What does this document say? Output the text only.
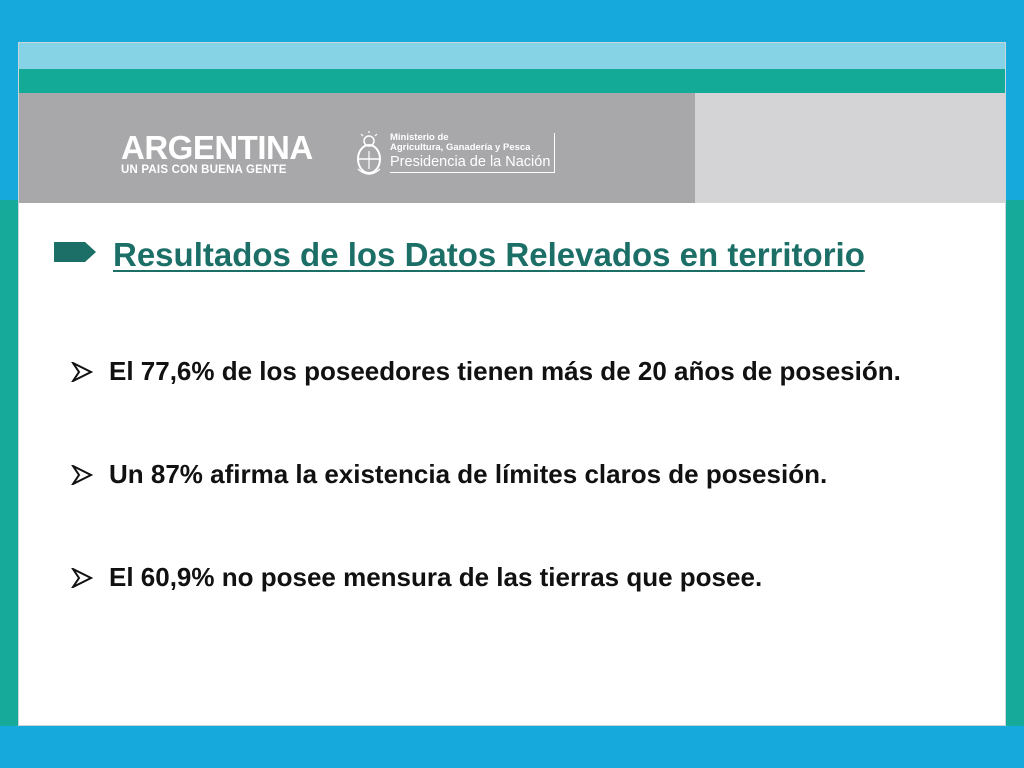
ARGENTINA
UN PAIS CON BUENA GENTE
Ministerio de
Agricultura, Ganadería y Pesca
Presidencia de la Nación
Resultados de los Datos Relevados en territorio
El 77,6% de los poseedores tienen más de 20 años de posesión.
Un 87% afirma la existencia de límites claros de posesión.
El 60,9% no posee mensura de las tierras que posee.
